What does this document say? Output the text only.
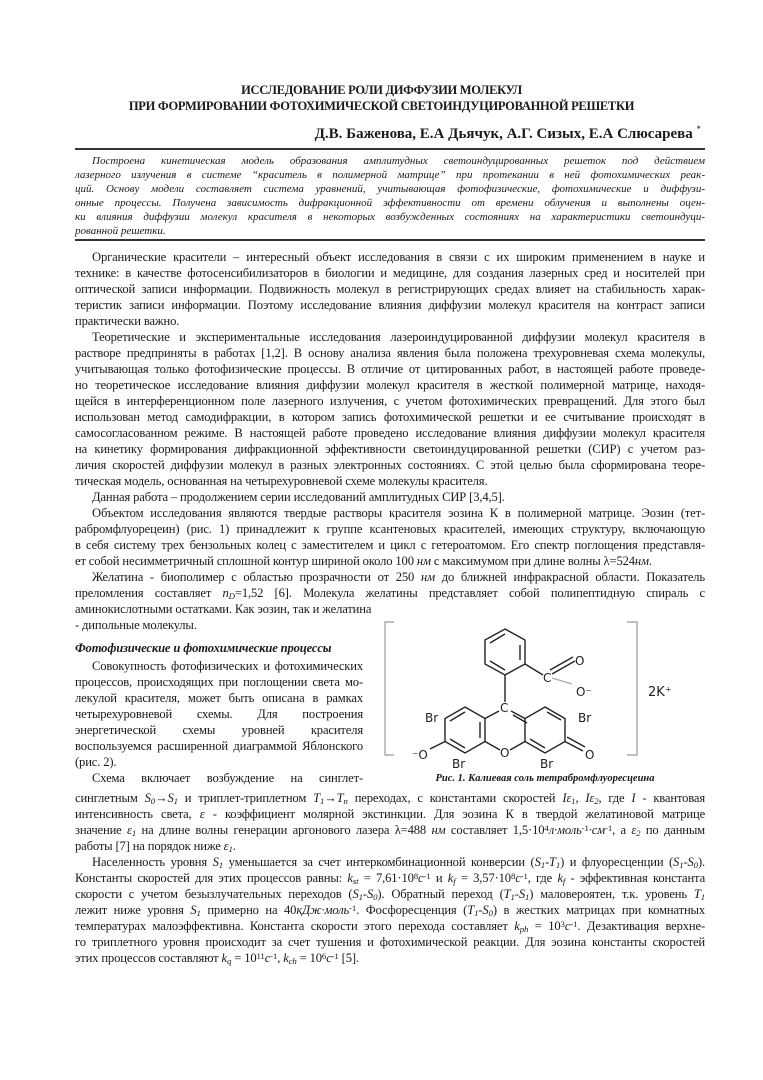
ИССЛЕДОВАНИЕ РОЛИ ДИФФУЗИИ МОЛЕКУЛ
ПРИ ФОРМИРОВАНИИ ФОТОХИМИЧЕСКОЙ СВЕТОИНДУЦИРОВАННОЙ РЕШЕТКИ
Д.В. Баженова, Е.А Дьячук, А.Г. Сизых, Е.А Слюсарева *
Построена кинетическая модель образования амплитудных светоиндуцированных решеток под действием
лазерного излучения в системе “краситель в полимерной матрице” при протекании в ней фотохимических реак-
ций. Основу модели составляет система уравнений, учитывающая фотофизические, фотохимические и диффузи-
онные процессы. Получена зависимость дифракционной эффективности от времени облучения и выполнены оцен-
ки влияния диффузии молекул красителя в некоторых возбужденных состояниях на характеристики светоиндуци-
рованной решетки.
Органические красители – интересный объект исследования в связи с их широким применением в науке и
технике: в качестве фотосенсибилизаторов в биологии и медицине, для создания лазерных сред и носителей при
оптической записи информации. Подвижность молекул в регистрирующих средах влияет на стабильность харак-
теристик записи информации. Поэтому исследование влияния диффузии молекул красителя на контраст записи
практически важно.
Теоретические и экспериментальные исследования лазероиндуцированной диффузии молекул красителя в
растворе предприняты в работах [1,2]. В основу анализа явления была положена трехуровневая схема молекулы,
учитывающая только фотофизические процессы. В отличие от цитированных работ, в настоящей работе проведе-
но теоретическое исследование влияния диффузии молекул красителя в жесткой полимерной матрице, находя-
щейся в интерференционном поле лазерного излучения, с учетом фотохимических превращений. Для этого был
использован метод самодифракции, в котором запись фотохимической решетки и ее считывание происходят в
самосогласованном режиме. В настоящей работе проведено исследование влияния диффузии молекул красителя
на кинетику формирования дифракционной эффективности светоиндуцированной решетки (СИР) с учетом раз-
личия скоростей диффузии молекул в разных электронных состояниях. С этой целью была сформирована теоре-
тическая модель, основанная на четырехуровневой схеме молекулы красителя.
Данная работа – продолжением серии исследований амплитудных СИР [3,4,5].
Объектом исследования являются твердые растворы красителя эозина К в полимерной матрице. Эозин (тет-
рабромфлуорецеин) (рис. 1) принадлежит к группе ксантеновых красителей, имеющих структуру, включающую
в себя систему трех бензольных колец с заместителем и цикл с гетероатомом. Его спектр поглощения представля-
ет собой несимметричный сплошной контур шириной около 100 нм с максимумом при длине волны λ=524нм.
Желатина - биополимер с областью прозрачности от 250 нм до ближней инфракрасной области. Показатель
преломления составляет nD=1,52 [6]. Молекула желатины представляет собой полипептидную спираль с
аминокислотными остатками. Как эозин, так и желатина
- дипольные молекулы.
Фотофизические и фотохимические процессы
Совокупность фотофизических и фотохимических
процессов, происходящих при поглощении света мо-
лекулой красителя, может быть описана в рамках
четырехуровневой схемы. Для построения
энергетической схемы уровней красителя
воспользуемся расширенной диаграммой Яблонского
(рис. 2).
Схема включает возбуждение на синглет-
C
O
O⁻
C
O	O
⁻O
Br
Br
Br
Br
2K⁺
Рис. 1. Калиевая соль тетрабромфлуоресцеина
синглетным S0→S1 и триплет-триплетном T1→Tn переходах, с константами скоростей Iε1, Iε2, где I - квантовая
интенсивность света, ε - коэффициент молярной экстинкции. Для эозина К в твердой желатиновой матрице
значение ε1 на длине волны генерации аргонового лазера λ=488 нм составляет $1,5\cdot 10^4л\cdot моль^{-1}\cdot см^{-1}$, а ε2 по данным
работы [7] на порядок ниже ε1.
Населенность уровня S1 уменьшается за счет интеркомбинационной конверсии (S1-T1) и флуоресценции (S1-S0).
Константы скоростей для этих процессов равны: kst = $7,61\cdot 10^8c^{-1}$ и kf = $3,57\cdot 10^8c^{-1}$, где kf - эффективная константа
скорости с учетом безызлучательных переходов (S1-S0). Обратный переход (T1-S1) маловероятен, т.к. уровень T1
лежит ниже уровня S1 примерно на 40кДж·моль$^{-1}$. Фосфоресценция (T1-S0) в жестких матрицах при комнатных
температурах малоэффективна. Константа скорости этого перехода составляет kph = $10^3c^{-1}$. Дезактивация верхне-
го триплетного уровня происходит за счет тушения и фотохимической реакции. Для эозина константы скоростей
этих процессов составляют kq = $10^{11}c^{-1}$, kch = $10^6c^{-1}$ [5].
